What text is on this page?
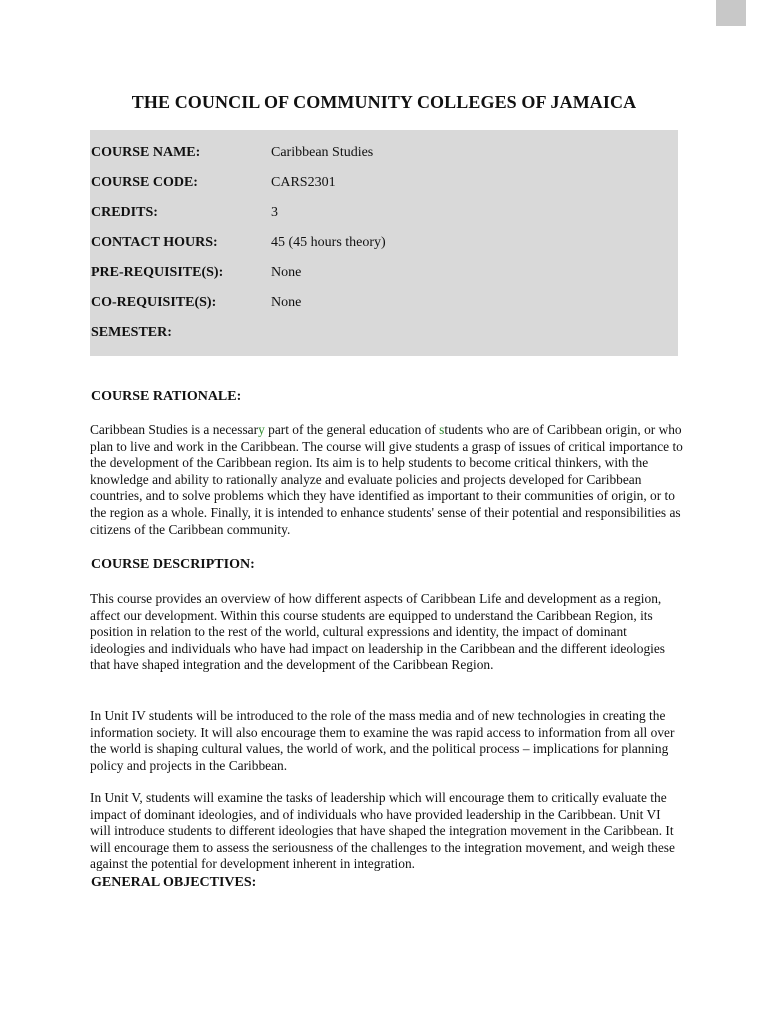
THE COUNCIL OF COMMUNITY COLLEGES OF JAMAICA
COURSE NAME:	Caribbean Studies
COURSE CODE:	CARS2301
CREDITS:	3
CONTACT HOURS:	45 (45 hours theory)
PRE-REQUISITE(S):	None
CO-REQUISITE(S):	None
SEMESTER:
COURSE RATIONALE:
Caribbean Studies is a necessary part of the general education of students who are of Caribbean origin, or who plan to live and work in the Caribbean. The course will give students a grasp of issues of critical importance to the development of the Caribbean region. Its aim is to help students to become critical thinkers, with the knowledge and ability to rationally analyze and evaluate policies and projects developed for Caribbean countries, and to solve problems which they have identified as important to their communities of origin, or to the region as a whole. Finally, it is intended to enhance students' sense of their potential and responsibilities as citizens of the Caribbean community.
COURSE DESCRIPTION:
This course provides an overview of how different aspects of Caribbean Life and development as a region, affect our development. Within this course students are equipped to understand the Caribbean Region, its position in relation to the rest of the world, cultural expressions and identity, the impact of dominant ideologies and individuals who have had impact on leadership in the Caribbean and the different ideologies that have shaped integration and the development of the Caribbean Region.
In Unit IV students will be introduced to the role of the mass media and of new technologies in creating the information society. It will also encourage them to examine the was rapid access to information from all over the world is shaping cultural values, the world of work, and the political process – implications for planning policy and projects in the Caribbean.
In Unit V, students will examine the tasks of leadership which will encourage them to critically evaluate the impact of dominant ideologies, and of individuals who have provided leadership in the Caribbean. Unit VI will introduce students to different ideologies that have shaped the integration movement in the Caribbean. It will encourage them to assess the seriousness of the challenges to the integration movement, and weigh these against the potential for development inherent in integration.
GENERAL OBJECTIVES:
